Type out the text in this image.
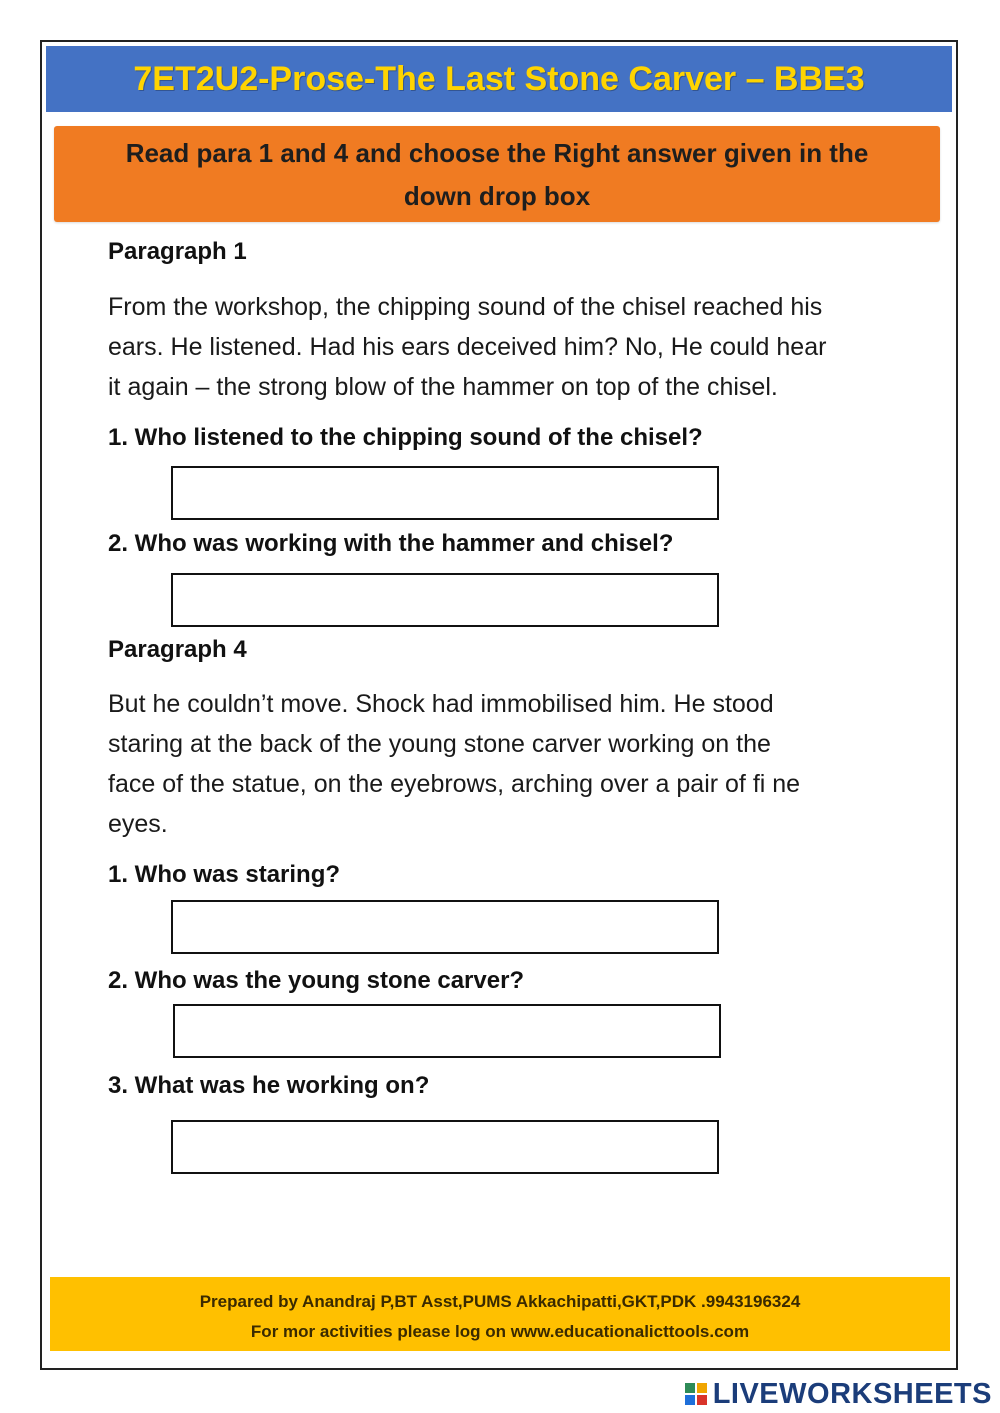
7ET2U2-Prose-The Last Stone Carver – BBE3
Read para 1 and 4 and choose the Right answer given in the
down drop box
Paragraph 1
From the workshop, the chipping sound of the chisel reached his
ears. He listened. Had his ears deceived him? No, He could hear
it again – the strong blow of the hammer on top of the chisel.
1. Who listened to the chipping sound of the chisel?
2. Who was working with the hammer and chisel?
Paragraph 4
But he couldn’t move. Shock had immobilised him. He stood
staring at the back of the young stone carver working on the
face of the statue, on the eyebrows, arching over a pair of fi ne
eyes.
1. Who was staring?
2. Who was the young stone carver?
3. What was he working on?
Prepared by Anandraj P,BT Asst,PUMS Akkachipatti,GKT,PDK .9943196324
For mor activities please log on www.educationalicttools.com
LIVEWORKSHEETS
